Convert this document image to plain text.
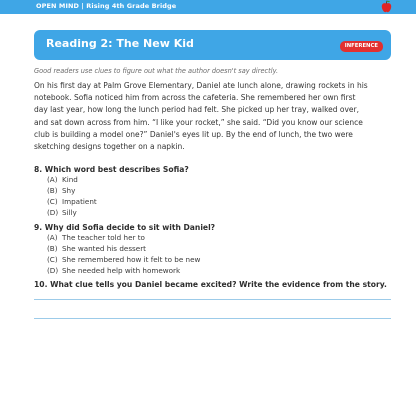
OPEN MIND | Rising 4th Grade Bridge
Reading 2: The New Kid	INFERENCE
Good readers use clues to figure out what the author doesn't say directly.
On his first day at Palm Grove Elementary, Daniel ate lunch alone, drawing rockets in his
notebook. Sofia noticed him from across the cafeteria. She remembered her own first
day last year, how long the lunch period had felt. She picked up her tray, walked over,
and sat down across from him. “I like your rocket,” she said. “Did you know our science
club is building a model one?” Daniel's eyes lit up. By the end of lunch, the two were
sketching designs together on a napkin.
8. Which word best describes Sofia?
(A) Kind
(B) Shy
(C) Impatient
(D) Silly
9. Why did Sofia decide to sit with Daniel?
(A) The teacher told her to
(B) She wanted his dessert
(C) She remembered how it felt to be new
(D) She needed help with homework
10. What clue tells you Daniel became excited? Write the evidence from the story.
